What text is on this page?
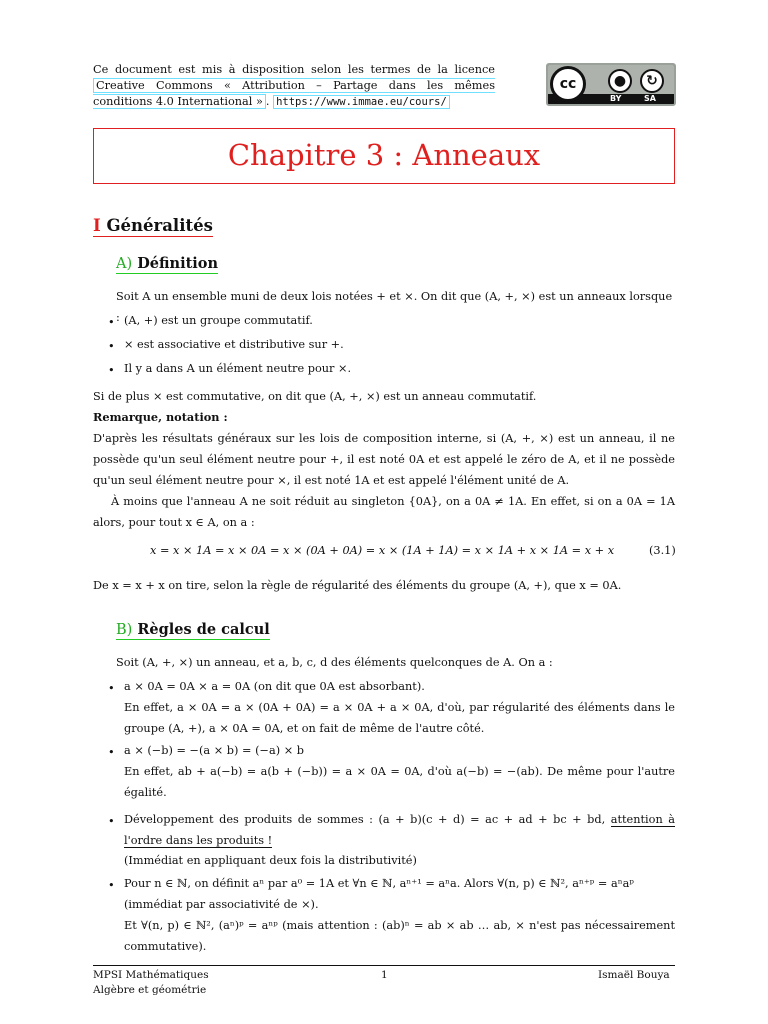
Ce document est mis à disposition selon les termes de la licence Creative Commons « Attribution – Partage dans les mêmes conditions 4.0 International » . https://www.immae.eu/cours/
cc	●	↻
BY	SA
Chapitre 3 : Anneaux
I Généralités
A) Définition
Soit A un ensemble muni de deux lois notées + et ×. On dit que (A, +, ×) est un anneaux lorsque :
• (A, +) est un groupe commutatif.
• × est associative et distributive sur +.
• Il y a dans A un élément neutre pour ×.
Si de plus × est commutative, on dit que (A, +, ×) est un anneau commutatif.
Remarque, notation :
D'après les résultats généraux sur les lois de composition interne, si (A, +, ×) est un anneau, il ne possède qu'un seul élément neutre pour +, il est noté 0A et est appelé le zéro de A, et il ne possède qu'un seul élément neutre pour ×, il est noté 1A et est appelé l'élément unité de A.
À moins que l'anneau A ne soit réduit au singleton {0A}, on a 0A ≠ 1A. En effet, si on a 0A = 1A alors, pour tout x ∈ A, on a :
x = x × 1A = x × 0A = x × (0A + 0A) = x × (1A + 1A) = x × 1A + x × 1A = x + x	(3.1)
De x = x + x on tire, selon la règle de régularité des éléments du groupe (A, +), que x = 0A.
B) Règles de calcul
Soit (A, +, ×) un anneau, et a, b, c, d des éléments quelconques de A. On a :
• a × 0A = 0A × a = 0A (on dit que 0A est absorbant).
En effet, a × 0A = a × (0A + 0A) = a × 0A + a × 0A, d'où, par régularité des éléments dans le groupe (A, +), a × 0A = 0A, et on fait de même de l'autre côté.
• a × (−b) = −(a × b) = (−a) × b
En effet, ab + a(−b) = a(b + (−b)) = a × 0A = 0A, d'où a(−b) = −(ab). De même pour l'autre égalité.
• Développement des produits de sommes : (a + b)(c + d) = ac + ad + bc + bd, attention à l'ordre dans les produits !
(Immédiat en appliquant deux fois la distributivité)
• Pour n ∈ ℕ, on définit aⁿ par a⁰ = 1A et ∀n ∈ ℕ, aⁿ⁺¹ = aⁿa. Alors ∀(n, p) ∈ ℕ², aⁿ⁺ᵖ = aⁿaᵖ
(immédiat par associativité de ×).
Et ∀(n, p) ∈ ℕ², (aⁿ)ᵖ = aⁿᵖ (mais attention : (ab)ⁿ = ab × ab … ab, × n'est pas nécessairement commutative).
MPSI Mathématiques
Algèbre et géométrie
1	Ismaël Bouya
